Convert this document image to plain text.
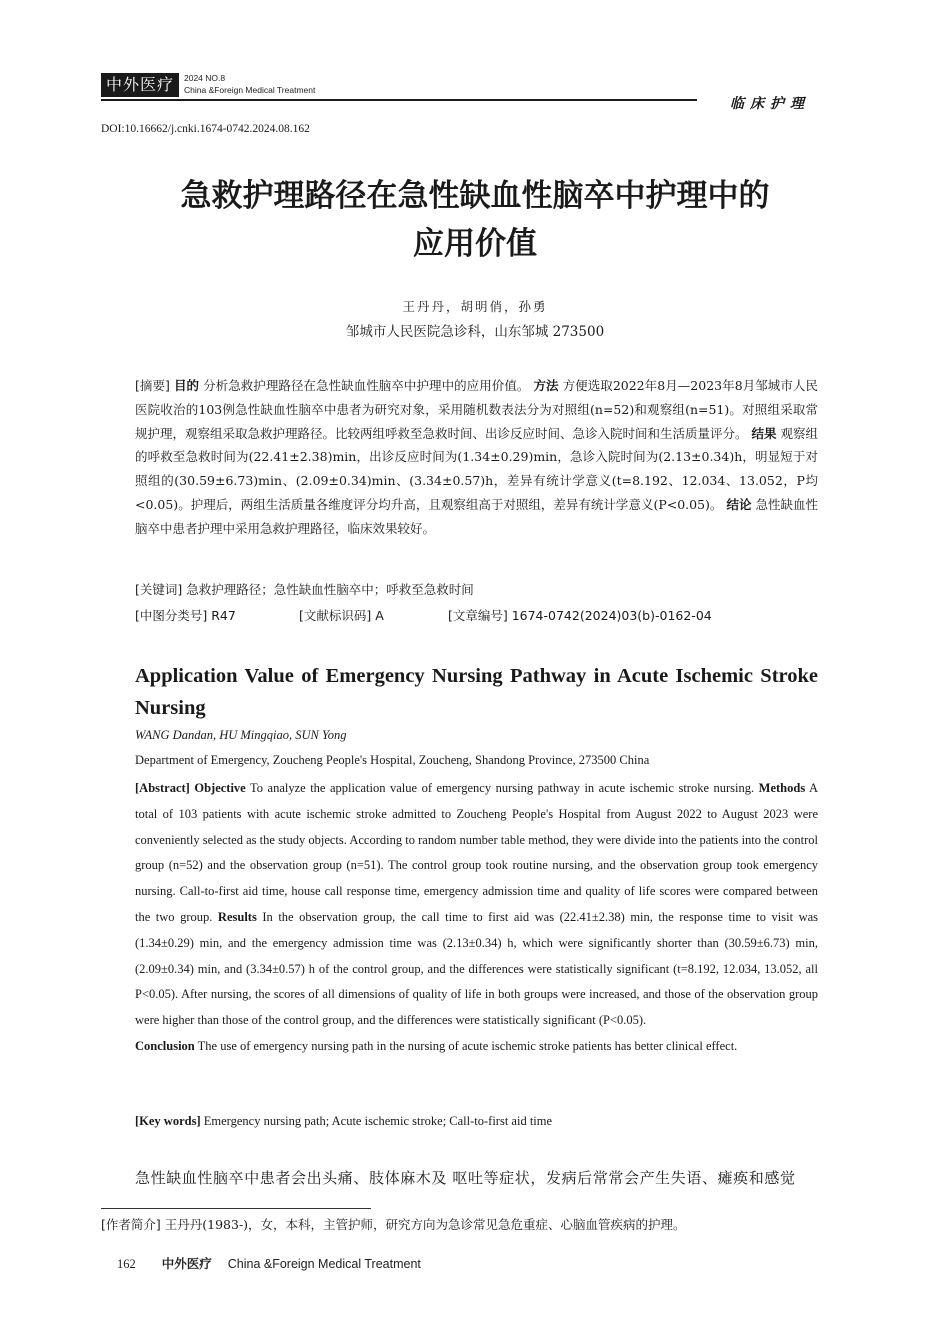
中外医疗	2024 NO.8
China &Foreign Medical Treatment
临床护理
DOI:10.16662/j.cnki.1674-0742.2024.08.162
急救护理路径在急性缺血性脑卒中护理中的
应用价值
王丹丹，胡明俏，孙勇
邹城市人民医院急诊科，山东邹城 273500
[摘要] 目的 分析急救护理路径在急性缺血性脑卒中护理中的应用价值。 方法 方便选取2022年8月—2023年8月邹城市人民医院收治的103例急性缺血性脑卒中患者为研究对象，采用随机数表法分为对照组(n=52)和观察组(n=51)。对照组采取常规护理，观察组采取急救护理路径。比较两组呼救至急救时间、出诊反应时间、急诊入院时间和生活质量评分。 结果 观察组的呼救至急救时间为(22.41±2.38)min，出诊反应时间为(1.34±0.29)min，急诊入院时间为(2.13±0.34)h，明显短于对照组的(30.59±6.73)min、(2.09±0.34)min、(3.34±0.57)h，差异有统计学意义(t=8.192、12.034、13.052，P均<0.05)。护理后，两组生活质量各维度评分均升高，且观察组高于对照组，差异有统计学意义(P<0.05)。 结论 急性缺血性脑卒中患者护理中采用急救护理路径，临床效果较好。
[关键词] 急救护理路径；急性缺血性脑卒中；呼救至急救时间
[中图分类号] R47	[文献标识码] A	[文章编号] 1674-0742(2024)03(b)-0162-04
Application Value of Emergency Nursing Pathway in Acute Ischemic Stroke Nursing
WANG Dandan, HU Mingqiao, SUN Yong
Department of Emergency, Zoucheng People's Hospital, Zoucheng, Shandong Province, 273500 China
[Abstract] Objective To analyze the application value of emergency nursing pathway in acute ischemic stroke nursing. Methods A total of 103 patients with acute ischemic stroke admitted to Zoucheng People's Hospital from August 2022 to August 2023 were conveniently selected as the study objects. According to random number table method, they were divide into the patients into the control group (n=52) and the observation group (n=51). The control group took routine nursing, and the observation group took emergency nursing. Call-to-first aid time, house call response time, emergency admission time and quality of life scores were compared between the two group. Results In the observation group, the call time to first aid was (22.41±2.38) min, the response time to visit was (1.34±0.29) min, and the emergency admission time was (2.13±0.34) h, which were significantly shorter than (30.59±6.73) min, (2.09±0.34) min, and (3.34±0.57) h of the control group, and the differences were statistically significant (t=8.192, 12.034, 13.052, all P<0.05). After nursing, the scores of all dimensions of quality of life in both groups were increased, and those of the observation group were higher than those of the control group, and the differences were statistically significant (P<0.05).
Conclusion The use of emergency nursing path in the nursing of acute ischemic stroke patients has better clinical effect.
[Key words] Emergency nursing path; Acute ischemic stroke; Call-to-first aid time
急性缺血性脑卒中患者会出头痛、肢体麻木及 呕吐等症状，发病后常常会产生失语、瘫痪和感觉
[作者简介] 王丹丹(1983-)，女，本科，主管护师，研究方向为急诊常见急危重症、心脑血管疾病的护理。
162 中外医疗 China &Foreign Medical Treatment
